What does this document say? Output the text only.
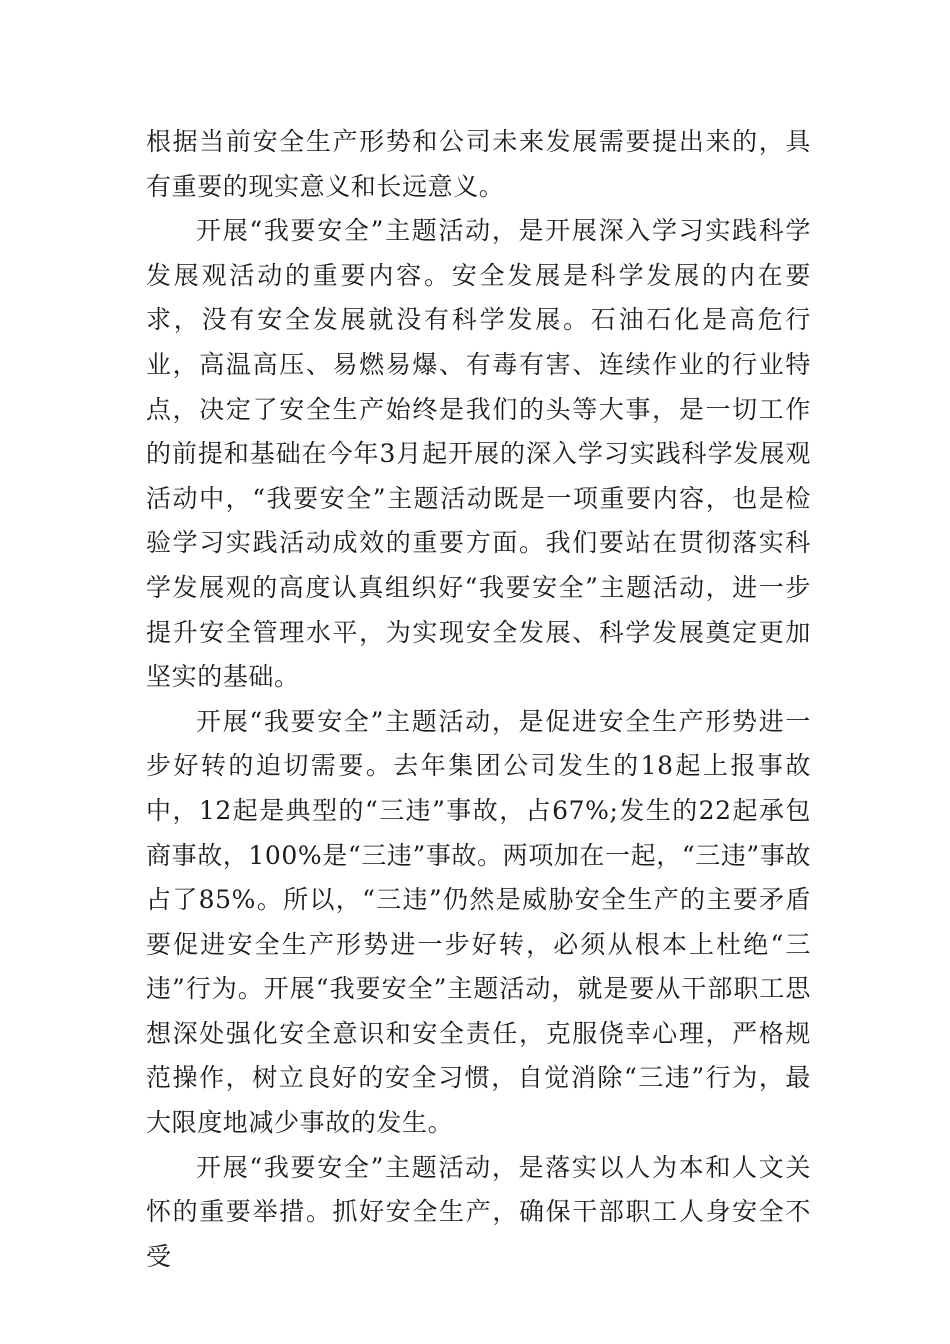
根据当前安全生产形势和公司未来发展需要提出来的，具有重要的现实意义和长远意义。

开展“我要安全”主题活动，是开展深入学习实践科学发展观活动的重要内容。安全发展是科学发展的内在要求，没有安全发展就没有科学发展。石油石化是高危行业，高温高压、易燃易爆、有毒有害、连续作业的行业特点，决定了安全生产始终是我们的头等大事，是一切工作的前提和基础在今年3月起开展的深入学习实践科学发展观活动中，“我要安全”主题活动既是一项重要内容，也是检验学习实践活动成效的重要方面。我们要站在贯彻落实科学发展观的高度认真组织好“我要安全”主题活动，进一步提升安全管理水平，为实现安全发展、科学发展奠定更加坚实的基础。

开展“我要安全”主题活动，是促进安全生产形势进一步好转的迫切需要。去年集团公司发生的18起上报事故中，12起是典型的“三违”事故，占67%;发生的22起承包商事故，100%是“三违”事故。两项加在一起，“三违”事故占了85%。所以，“三违”仍然是威胁安全生产的主要矛盾要促进安全生产形势进一步好转，必须从根本上杜绝“三违”行为。开展“我要安全”主题活动，就是要从干部职工思想深处强化安全意识和安全责任，克服侥幸心理，严格规范操作，树立良好的安全习惯，自觉消除“三违”行为，最大限度地减少事故的发生。

开展“我要安全”主题活动，是落实以人为本和人文关怀的重要举措。抓好安全生产，确保干部职工人身安全不受
